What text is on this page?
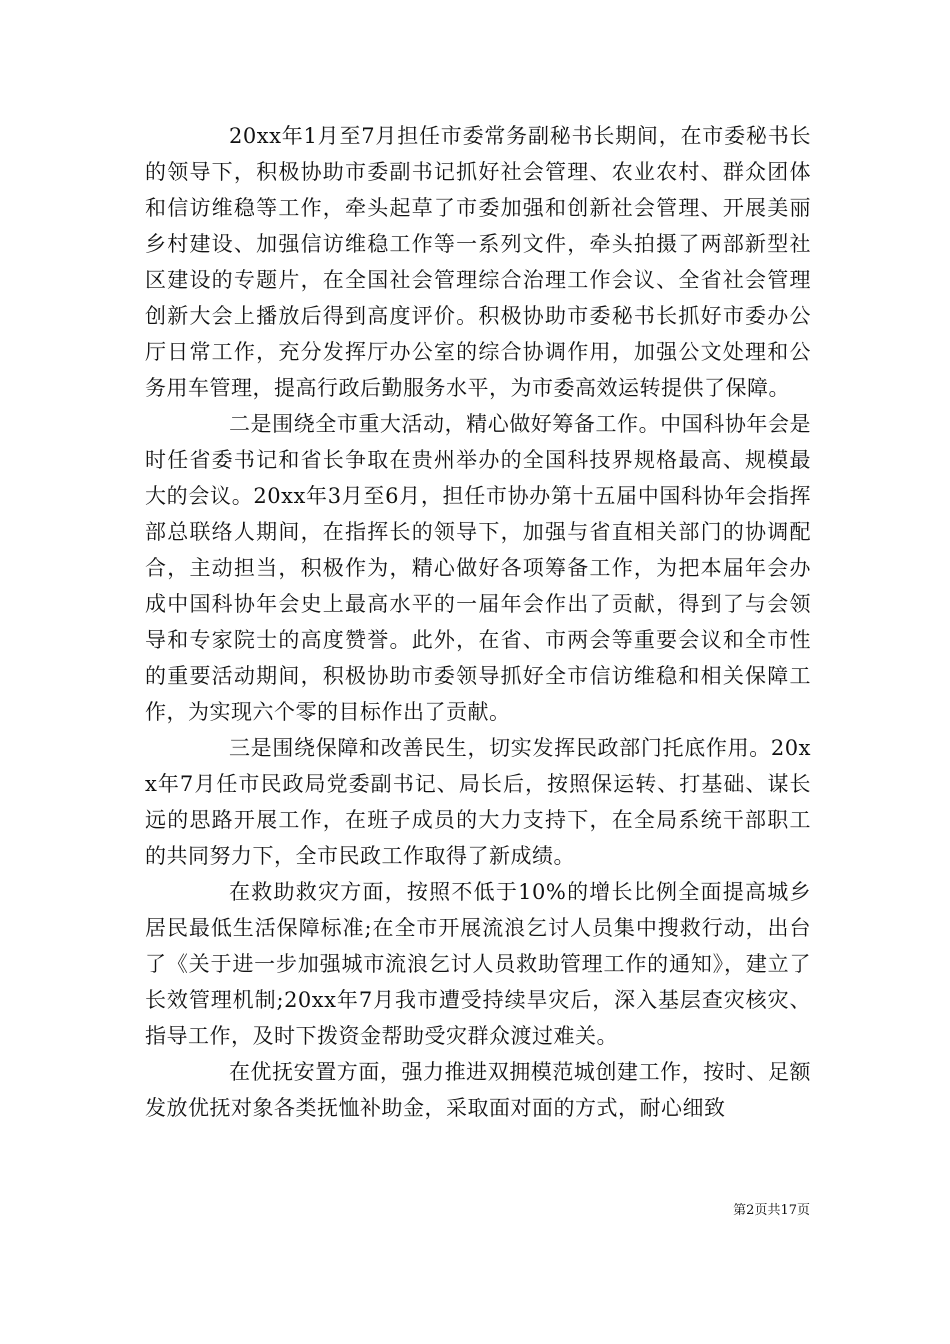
20xx年1月至7月担任市委常务副秘书长期间，在市委秘书长的领导下，积极协助市委副书记抓好社会管理、农业农村、群众团体和信访维稳等工作，牵头起草了市委加强和创新社会管理、开展美丽乡村建设、加强信访维稳工作等一系列文件，牵头拍摄了两部新型社区建设的专题片，在全国社会管理综合治理工作会议、全省社会管理创新大会上播放后得到高度评价。积极协助市委秘书长抓好市委办公厅日常工作，充分发挥厅办公室的综合协调作用，加强公文处理和公务用车管理，提高行政后勤服务水平，为市委高效运转提供了保障。

二是围绕全市重大活动，精心做好筹备工作。中国科协年会是时任省委书记和省长争取在贵州举办的全国科技界规格最高、规模最大的会议。20xx年3月至6月，担任市协办第十五届中国科协年会指挥部总联络人期间，在指挥长的领导下，加强与省直相关部门的协调配合，主动担当，积极作为，精心做好各项筹备工作，为把本届年会办成中国科协年会史上最高水平的一届年会作出了贡献，得到了与会领导和专家院士的高度赞誉。此外，在省、市两会等重要会议和全市性的重要活动期间，积极协助市委领导抓好全市信访维稳和相关保障工作，为实现六个零的目标作出了贡献。

三是围绕保障和改善民生，切实发挥民政部门托底作用。20xx年7月任市民政局党委副书记、局长后，按照保运转、打基础、谋长远的思路开展工作，在班子成员的大力支持下，在全局系统干部职工的共同努力下，全市民政工作取得了新成绩。

在救助救灾方面，按照不低于10%的增长比例全面提高城乡居民最低生活保障标准;在全市开展流浪乞讨人员集中搜救行动，出台了《关于进一步加强城市流浪乞讨人员救助管理工作的通知》，建立了长效管理机制;20xx年7月我市遭受持续旱灾后，深入基层查灾核灾、指导工作，及时下拨资金帮助受灾群众渡过难关。

在优抚安置方面，强力推进双拥模范城创建工作，按时、足额发放优抚对象各类抚恤补助金，采取面对面的方式，耐心细致

第2页共17页
